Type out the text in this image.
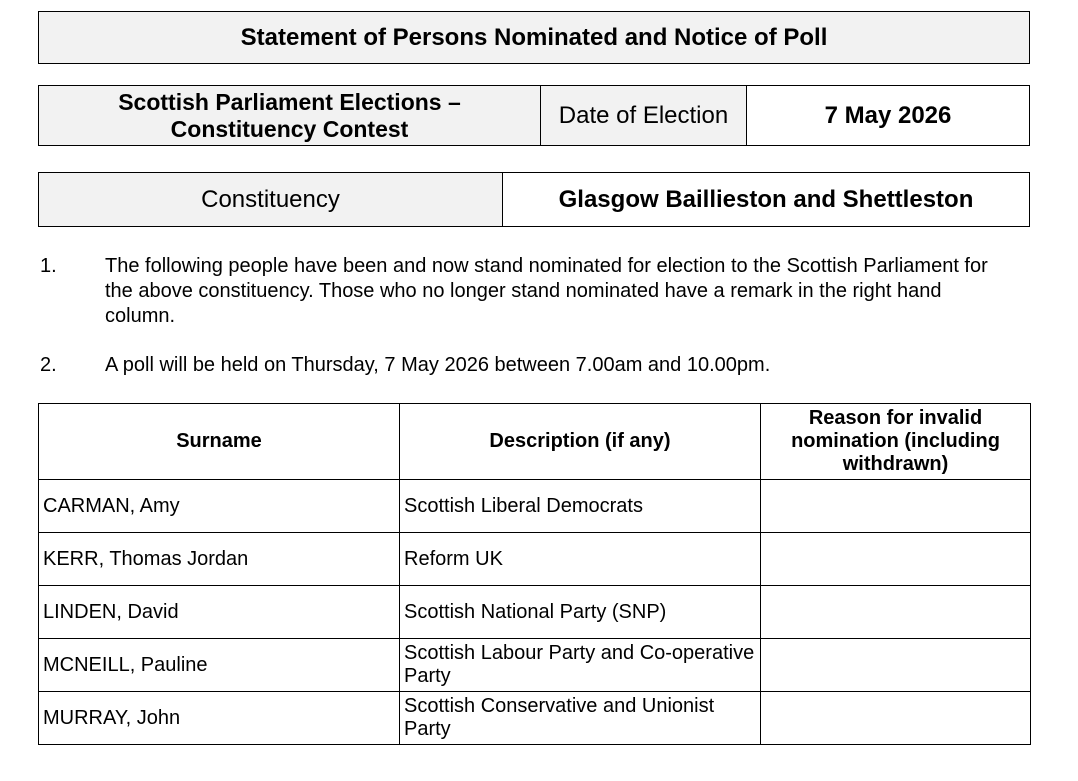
Statement of Persons Nominated and Notice of Poll
Scottish Parliament Elections –
Constituency Contest	Date of Election	7 May 2026
Constituency	Glasgow Baillieston and Shettleston
1. The following people have been and now stand nominated for election to the Scottish Parliament for the above constituency. Those who no longer stand nominated have a remark in the right hand column.
2. A poll will be held on Thursday, 7 May 2026 between 7.00am and 10.00pm.
Surname	Description (if any)	Reason for invalid nomination (including withdrawn)
CARMAN, Amy	Scottish Liberal Democrats	
KERR, Thomas Jordan	Reform UK	
LINDEN, David	Scottish National Party (SNP)	
MCNEILL, Pauline	Scottish Labour Party and Co-operative Party	
MURRAY, John	Scottish Conservative and Unionist Party	
